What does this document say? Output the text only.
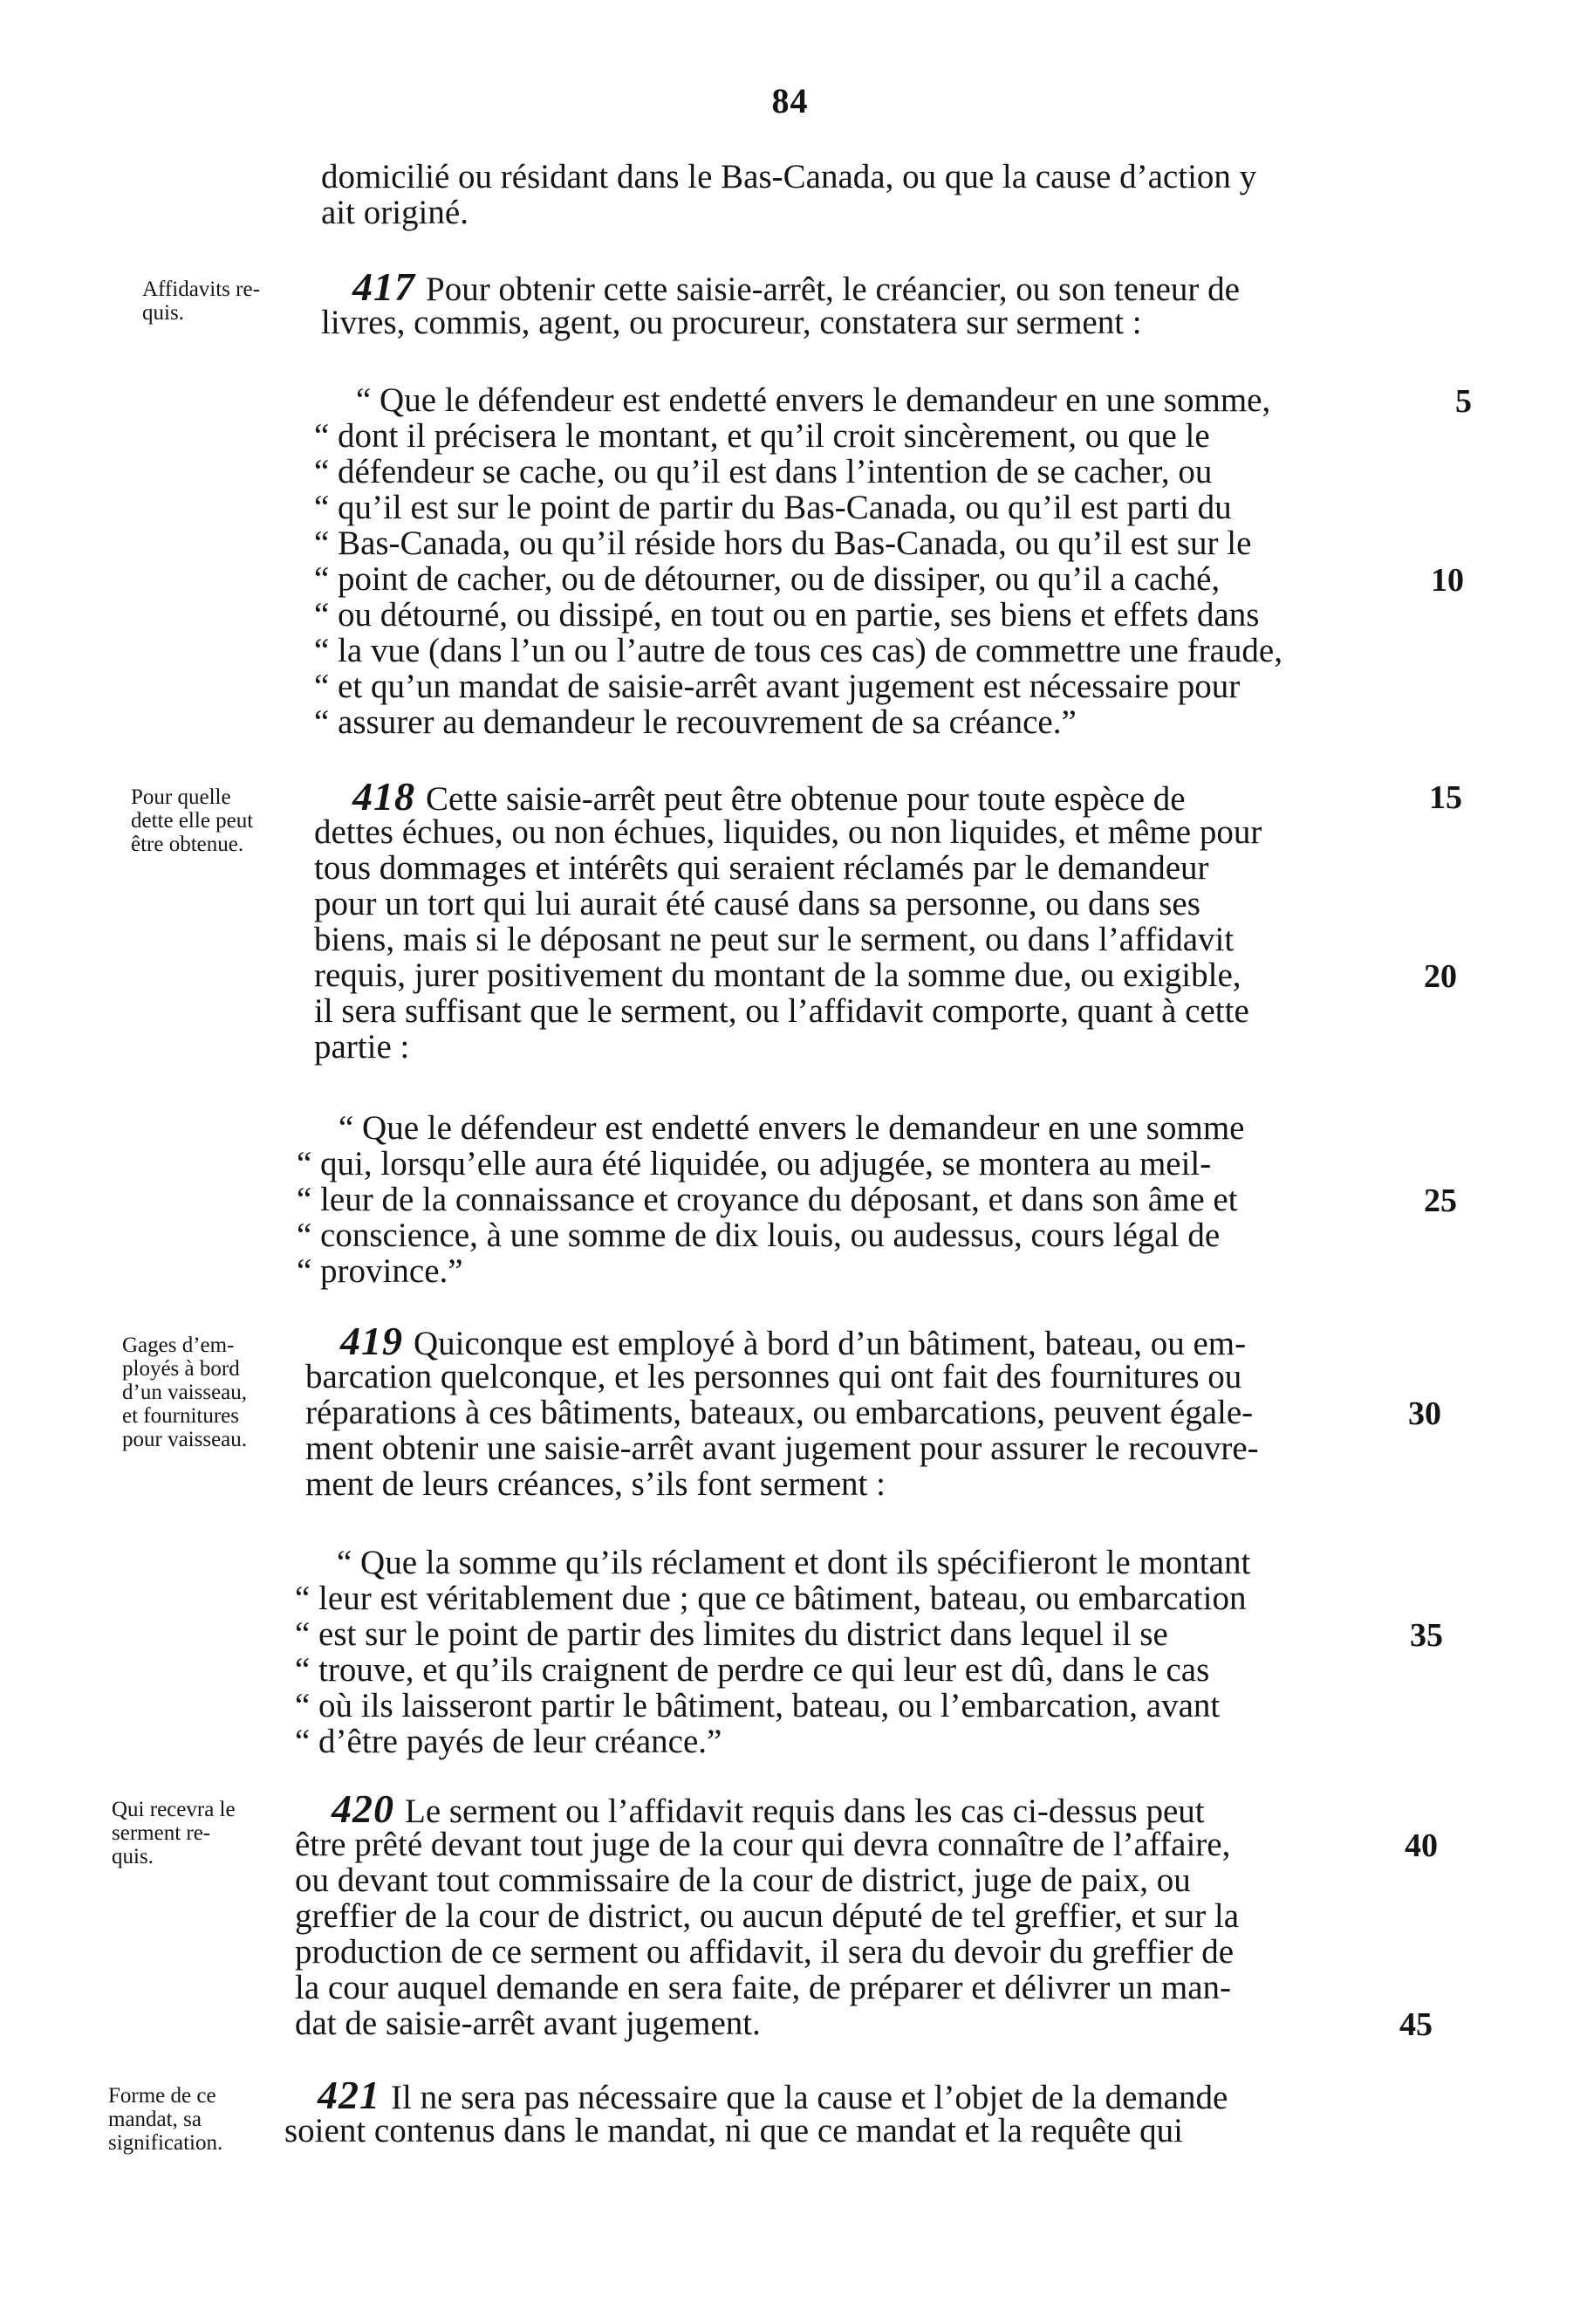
84
domicilié ou résidant dans le Bas-Canada, ou que la cause d’action y
ait originé.
Affidavits re-
quis.
417 Pour obtenir cette saisie-arrêt, le créancier, ou son teneur de
livres, commis, agent, ou procureur, constatera sur serment :
“ Que le défendeur est endetté envers le demandeur en une somme,
“ dont il précisera le montant, et qu’il croit sincèrement, ou que le
“ défendeur se cache, ou qu’il est dans l’intention de se cacher, ou
“ qu’il est sur le point de partir du Bas-Canada, ou qu’il est parti du
“ Bas-Canada, ou qu’il réside hors du Bas-Canada, ou qu’il est sur le
“ point de cacher, ou de détourner, ou de dissiper, ou qu’il a caché,
“ ou détourné, ou dissipé, en tout ou en partie, ses biens et effets dans
“ la vue (dans l’un ou l’autre de tous ces cas) de commettre une fraude,
“ et qu’un mandat de saisie-arrêt avant jugement est nécessaire pour
“ assurer au demandeur le recouvrement de sa créance.”
Pour quelle
dette elle peut
être obtenue.
418 Cette saisie-arrêt peut être obtenue pour toute espèce de
dettes échues, ou non échues, liquides, ou non liquides, et même pour
tous dommages et intérêts qui seraient réclamés par le demandeur
pour un tort qui lui aurait été causé dans sa personne, ou dans ses
biens, mais si le déposant ne peut sur le serment, ou dans l’affidavit
requis, jurer positivement du montant de la somme due, ou exigible,
il sera suffisant que le serment, ou l’affidavit comporte, quant à cette
partie :
“ Que le défendeur est endetté envers le demandeur en une somme
“ qui, lorsqu’elle aura été liquidée, ou adjugée, se montera au meil-
“ leur de la connaissance et croyance du déposant, et dans son âme et
“ conscience, à une somme de dix louis, ou audessus, cours légal de
“ province.”
Gages d’em-
ployés à bord
d’un vaisseau,
et fournitures
pour vaisseau.
419 Quiconque est employé à bord d’un bâtiment, bateau, ou em-
barcation quelconque, et les personnes qui ont fait des fournitures ou
réparations à ces bâtiments, bateaux, ou embarcations, peuvent égale-
ment obtenir une saisie-arrêt avant jugement pour assurer le recouvre-
ment de leurs créances, s’ils font serment :
“ Que la somme qu’ils réclament et dont ils spécifieront le montant
“ leur est véritablement due ; que ce bâtiment, bateau, ou embarcation
“ est sur le point de partir des limites du district dans lequel il se
“ trouve, et qu’ils craignent de perdre ce qui leur est dû, dans le cas
“ où ils laisseront partir le bâtiment, bateau, ou l’embarcation, avant
“ d’être payés de leur créance.”
Qui recevra le
serment re-
quis.
420 Le serment ou l’affidavit requis dans les cas ci-dessus peut
être prêté devant tout juge de la cour qui devra connaître de l’affaire,
ou devant tout commissaire de la cour de district, juge de paix, ou
greffier de la cour de district, ou aucun député de tel greffier, et sur la
production de ce serment ou affidavit, il sera du devoir du greffier de
la cour auquel demande en sera faite, de préparer et délivrer un man-
dat de saisie-arrêt avant jugement.
Forme de ce
mandat, sa
signification.
421 Il ne sera pas nécessaire que la cause et l’objet de la demande
soient contenus dans le mandat, ni que ce mandat et la requête qui
5
10
15
20
25
30
35
40
45
